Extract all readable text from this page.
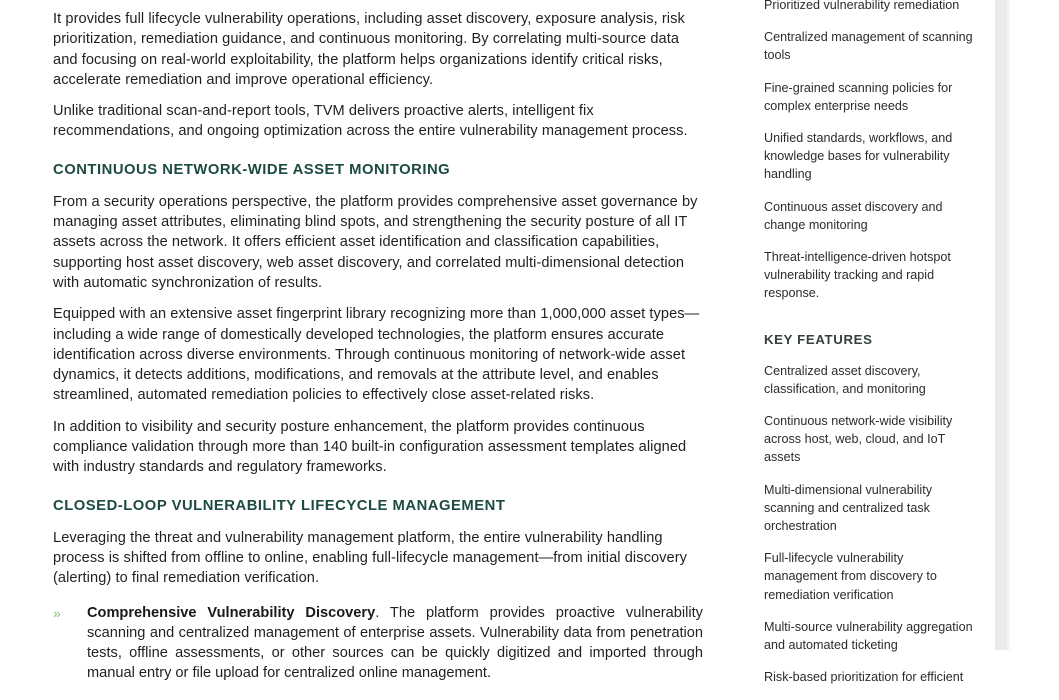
It provides full lifecycle vulnerability operations, including asset discovery, exposure analysis, risk prioritization, remediation guidance, and continuous monitoring. By correlating multi-source data and focusing on real-world exploitability, the platform helps organizations identify critical risks, accelerate remediation and improve operational efficiency.

Unlike traditional scan-and-report tools, TVM delivers proactive alerts, intelligent fix recommendations, and ongoing optimization across the entire vulnerability management process.

CONTINUOUS NETWORK-WIDE ASSET MONITORING

From a security operations perspective, the platform provides comprehensive asset governance by managing asset attributes, eliminating blind spots, and strengthening the security posture of all IT assets across the network. It offers efficient asset identification and classification capabilities, supporting host asset discovery, web asset discovery, and correlated multi-dimensional detection with automatic synchronization of results.

Equipped with an extensive asset fingerprint library recognizing more than 1,000,000 asset types—including a wide range of domestically developed technologies, the platform ensures accurate identification across diverse environments. Through continuous monitoring of network-wide asset dynamics, it detects additions, modifications, and removals at the attribute level, and enables streamlined, automated remediation policies to effectively close asset-related risks.

In addition to visibility and security posture enhancement, the platform provides continuous compliance validation through more than 140 built-in configuration assessment templates aligned with industry standards and regulatory frameworks.

CLOSED-LOOP VULNERABILITY LIFECYCLE MANAGEMENT

Leveraging the threat and vulnerability management platform, the entire vulnerability handling process is shifted from offline to online, enabling full-lifecycle management—from initial discovery (alerting) to final remediation verification.

» Comprehensive Vulnerability Discovery. The platform provides proactive vulnerability scanning and centralized management of enterprise assets. Vulnerability data from penetration tests, offline assessments, or other sources can be quickly digitized and imported through manual entry or file upload for centralized online management.

Prioritized vulnerability remediation

Centralized management of scanning tools

Fine-grained scanning policies for complex enterprise needs

Unified standards, workflows, and knowledge bases for vulnerability handling

Continuous asset discovery and change monitoring

Threat-intelligence-driven hotspot vulnerability tracking and rapid response.

KEY FEATURES

Centralized asset discovery, classification, and monitoring

Continuous network-wide visibility across host, web, cloud, and IoT assets

Multi-dimensional vulnerability scanning and centralized task orchestration

Full-lifecycle vulnerability management from discovery to remediation verification

Multi-source vulnerability aggregation and automated ticketing

Risk-based prioritization for efficient
